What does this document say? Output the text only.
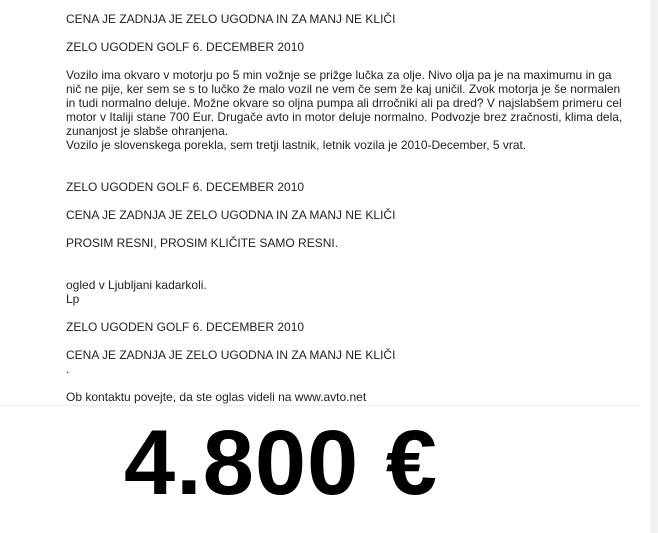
CENA JE ZADNJA JE ZELO UGODNA IN ZA MANJ NE KLIČI
ZELO UGODEN GOLF 6. DECEMBER 2010
Vozilo ima okvaro v motorju po 5 min vožnje se prižge lučka za olje. Nivo olja pa je na maximumu in ga
nič ne pije, ker sem se s to lučko že malo vozil ne vem če sem že kaj uničil. Zvok motorja je še normalen
in tudi normalno deluje. Možne okvare so oljna pumpa ali drročniki ali pa dred? V najslabšem primeru cel
motor v Italiji stane 700 Eur. Drugače avto in motor deluje normalno. Podvozje brez zračnosti, klima dela,
zunanjost je slabše ohranjena.
Vozilo je slovenskega porekla, sem tretji lastnik, letnik vozila je 2010-December, 5 vrat.
ZELO UGODEN GOLF 6. DECEMBER 2010
CENA JE ZADNJA JE ZELO UGODNA IN ZA MANJ NE KLIČI
PROSIM RESNI, PROSIM KLIČITE SAMO RESNI.
ogled v Ljubljani kadarkoli.
Lp
ZELO UGODEN GOLF 6. DECEMBER 2010
CENA JE ZADNJA JE ZELO UGODNA IN ZA MANJ NE KLIČI
.
Ob kontaktu povejte, da ste oglas videli na www.avto.net
4.800 €
